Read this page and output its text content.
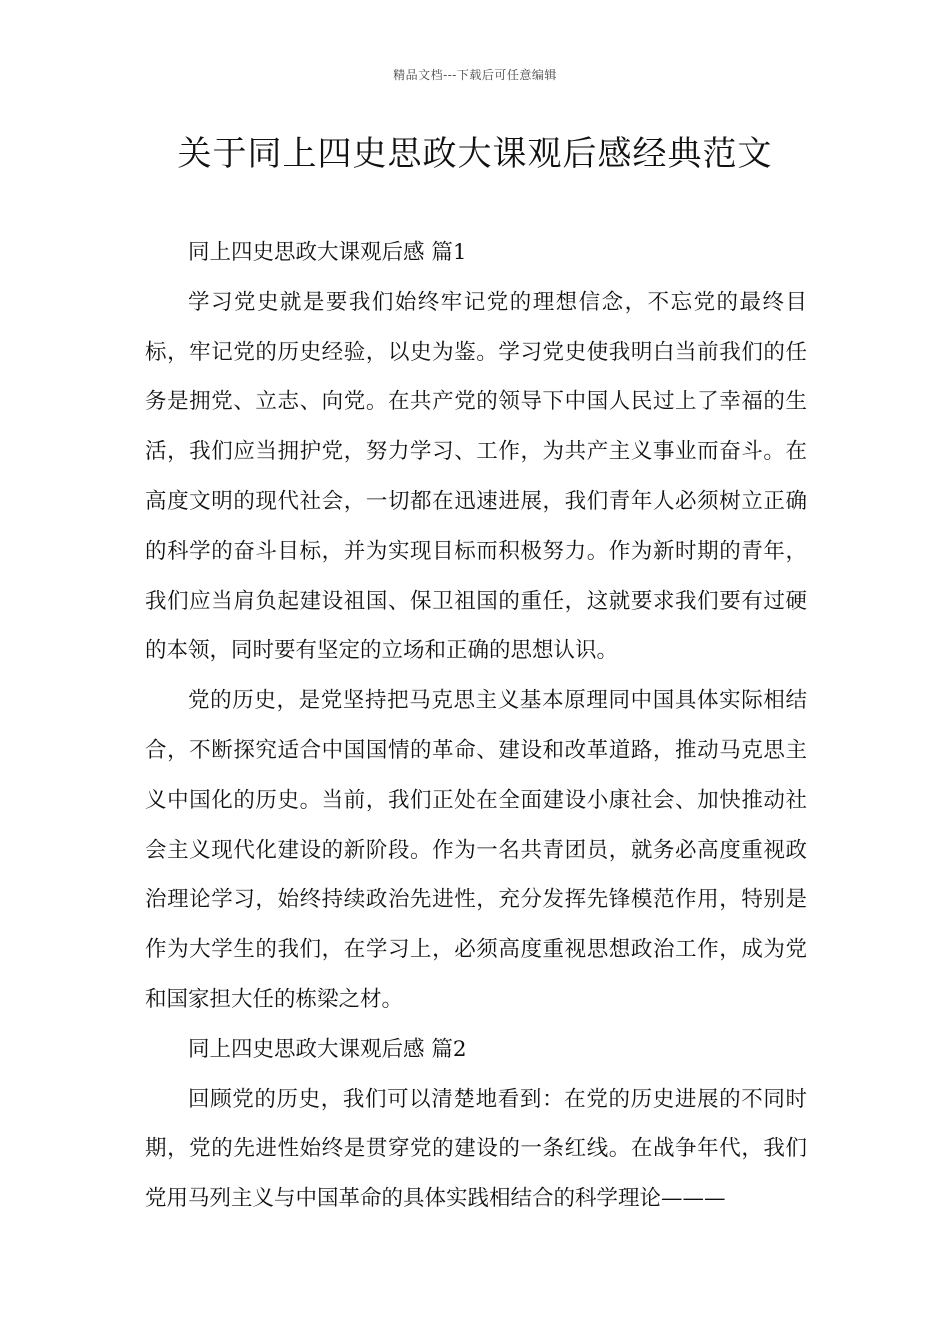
精品文档---下载后可任意编辑
关于同上四史思政大课观后感经典范文

同上四史思政大课观后感 篇1

学习党史就是要我们始终牢记党的理想信念，不忘党的最终目标，牢记党的历史经验，以史为鉴。学习党史使我明白当前我们的任务是拥党、立志、向党。在共产党的领导下中国人民过上了幸福的生活，我们应当拥护党，努力学习、工作，为共产主义事业而奋斗。在高度文明的现代社会，一切都在迅速进展，我们青年人必须树立正确的科学的奋斗目标，并为实现目标而积极努力。作为新时期的青年，我们应当肩负起建设祖国、保卫祖国的重任，这就要求我们要有过硬的本领，同时要有坚定的立场和正确的思想认识。

党的历史，是党坚持把马克思主义基本原理同中国具体实际相结合，不断探究适合中国国情的革命、建设和改革道路，推动马克思主义中国化的历史。当前，我们正处在全面建设小康社会、加快推动社会主义现代化建设的新阶段。作为一名共青团员，就务必高度重视政治理论学习，始终持续政治先进性，充分发挥先锋模范作用，特别是作为大学生的我们，在学习上，必须高度重视思想政治工作，成为党和国家担大任的栋梁之材。

同上四史思政大课观后感 篇2

回顾党的历史，我们可以清楚地看到：在党的历史进展的不同时期，党的先进性始终是贯穿党的建设的一条红线。在战争年代，我们党用马列主义与中国革命的具体实践相结合的科学理论———
